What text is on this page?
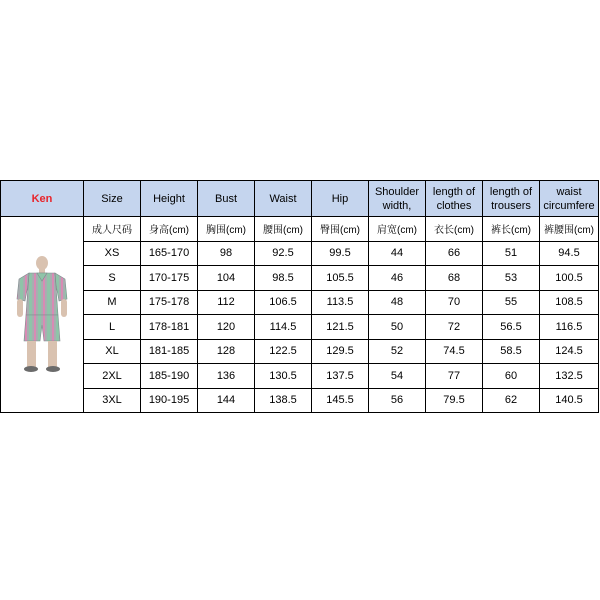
Ken	Size	Height	Bust	Waist	Hip	Shoulder width,	length of clothes	length of trousers	waist circumfere

	成人尺码	身高(cm)	胸围(cm)	腰围(cm)	臀围(cm)	肩宽(cm)	衣长(cm)	裤长(cm)	裤腰围(cm)
	XS	165-170	98	92.5	99.5	44	66	51	94.5
	S	170-175	104	98.5	105.5	46	68	53	100.5
	M	175-178	112	106.5	113.5	48	70	55	108.5
	L	178-181	120	114.5	121.5	50	72	56.5	116.5
	XL	181-185	128	122.5	129.5	52	74.5	58.5	124.5
	2XL	185-190	136	130.5	137.5	54	77	60	132.5
	3XL	190-195	144	138.5	145.5	56	79.5	62	140.5
